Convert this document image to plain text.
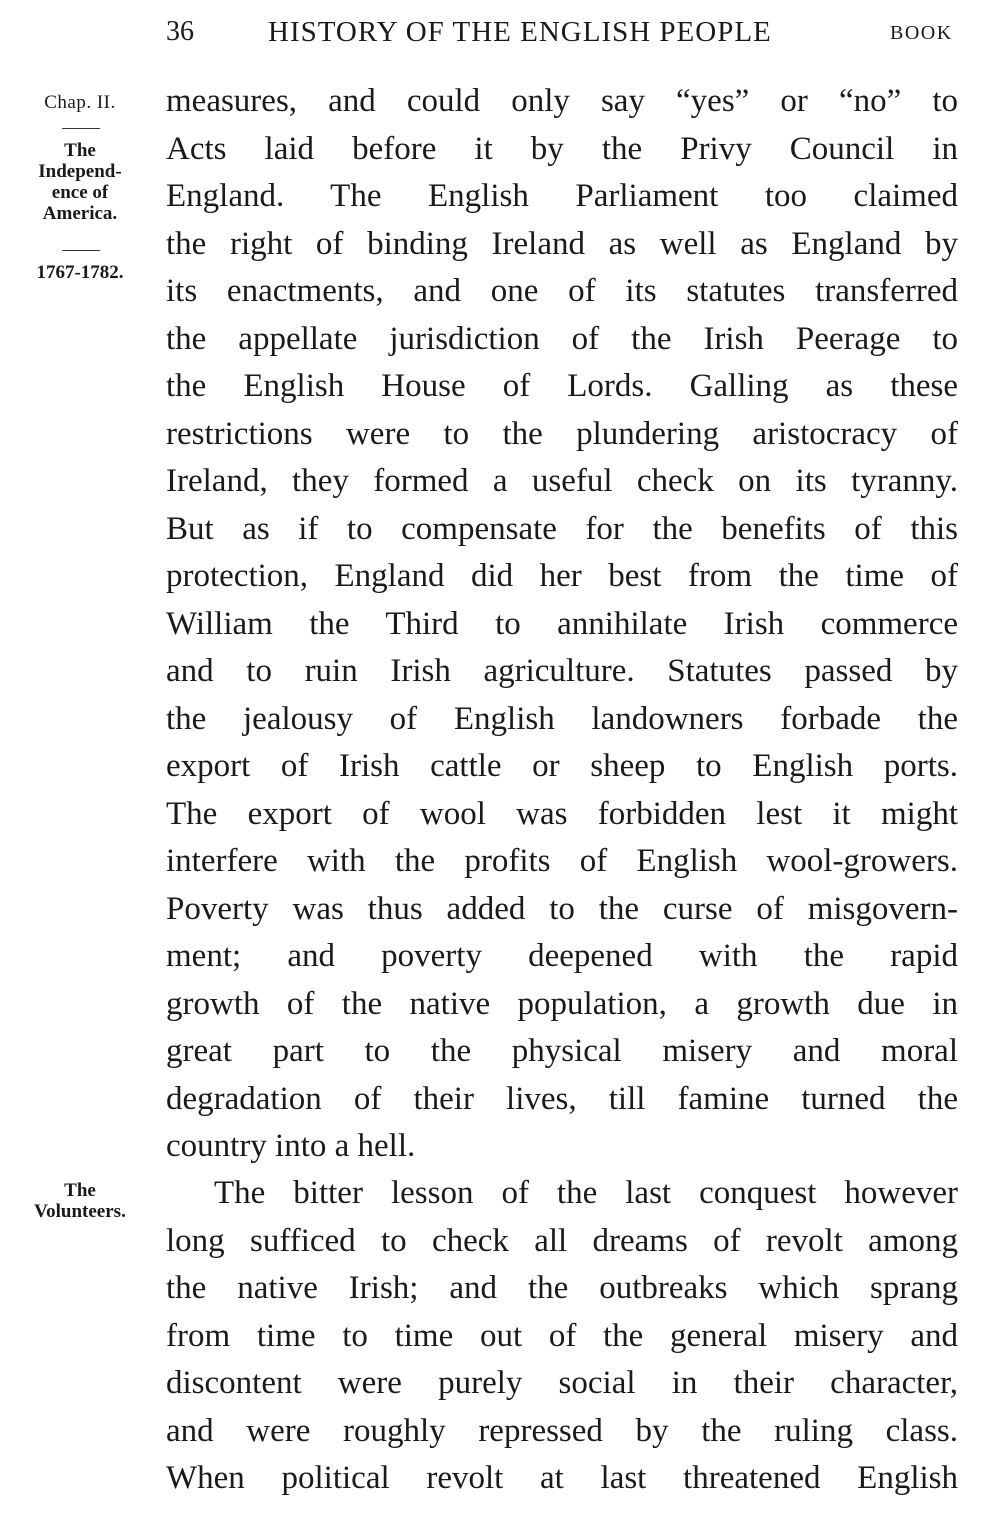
36	HISTORY OF THE ENGLISH PEOPLE	BOOK
Chap. II.
The
Independ-
ence of
America.
1767-1782.
The
Volunteers.
measures, and could only say “yes” or “no” to
Acts laid before it by the Privy Council in
England. The English Parliament too claimed
the right of binding Ireland as well as England by
its enactments, and one of its statutes transferred
the appellate jurisdiction of the Irish Peerage to
the English House of Lords. Galling as these
restrictions were to the plundering aristocracy of
Ireland, they formed a useful check on its tyranny.
But as if to compensate for the benefits of this
protection, England did her best from the time of
William the Third to annihilate Irish commerce
and to ruin Irish agriculture. Statutes passed by
the jealousy of English landowners forbade the
export of Irish cattle or sheep to English ports.
The export of wool was forbidden lest it might
interfere with the profits of English wool-growers.
Poverty was thus added to the curse of misgovern-
ment; and poverty deepened with the rapid
growth of the native population, a growth due in
great part to the physical misery and moral
degradation of their lives, till famine turned the
country into a hell.
The bitter lesson of the last conquest however
long sufficed to check all dreams of revolt among
the native Irish; and the outbreaks which sprang
from time to time out of the general misery and
discontent were purely social in their character,
and were roughly repressed by the ruling class.
When political revolt at last threatened English
